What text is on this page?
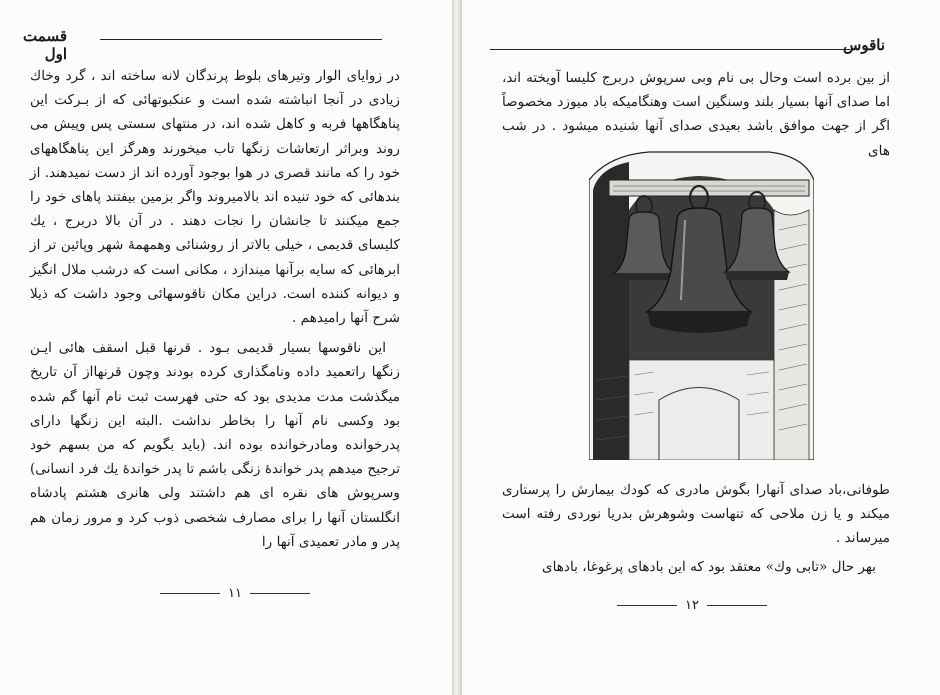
قسمت اول

در زوایای الوار وتیرهای بلوط پرندگان لانه ساخته اند ، گرد وخاك زیادی در آنجا انباشته شده است و عنكبوتهائی كه از بـركت این پناهگاهها فربه و كاهل شده اند، در منتهای سستی پس وپیش می روند وبراثر ارتعاشات زنگها تاب میخورند وهرگز این پناهگاههای خود را كه مانند قصری در هوا بوجود آورده اند از دست نمیدهند. از بندهائی كه خود تنیده اند بالامیروند واگر بزمین بیفتند پاهای خود را جمع میكنند تا جانشان را نجات دهند . در آن بالا دربرج ، یك كلیسای قدیمی ، خیلی بالاتر از روشنائی وهمهمهٔ شهر وپائین تر از ابرهائی كه سایه برآنها میندازد ، مكانی است كه درشب ملال انگیز و دیوانه كننده است. دراین مكان ناقوسهائی وجود داشت كه ذیلا شرح آنها رامیدهم .

این ناقوسها بسیار قدیمی بـود . قرنها قبل اسقف هائی ایـن زنگها راتعمید داده ونامگذاری كرده بودند وچون قرنهااز آن تاریخ میگذشت مدت مدیدی بود كه حتی فهرست ثبت نام آنها گم شده بود وكسی نام آنها را بخاطر نداشت .البته این زنگها دارای پدرخوانده ومادرخوانده بوده اند. (باید بگویم كه من بسهم خود ترجیح میدهم پدر خواندهٔ زنگی باشم تا پدر خواندهٔ یك فرد انسانی) وسرپوش های نقره ای هم داشتند ولی هانری هشتم پادشاه انگلستان آنها را برای مصارف شخصی ذوب كرد و مرور زمان هم پدر و مادر تعمیدی آنها را

۱۱
ناقوس

از بین برده است وحال بی نام وبی سرپوش دربرج كلیسا آویخته اند، اما صدای آنها بسیار بلند وسنگین است وهنگامیكه باد میوزد مخصوصاً اگر از جهت موافق باشد بعیدی صدای آنها شنیده میشود . در شب های

طوفانی،باد صدای آنهارا بگوش مادری كه كودك بیمارش را پرستاری میكند و یا زن ملاحی كه تنهاست وشوهرش بدریا نوردی رفته است میرساند .

بهر حال «تابی وك» معتقد بود كه این بادهای پرغوغا، بادهای

۱۲
